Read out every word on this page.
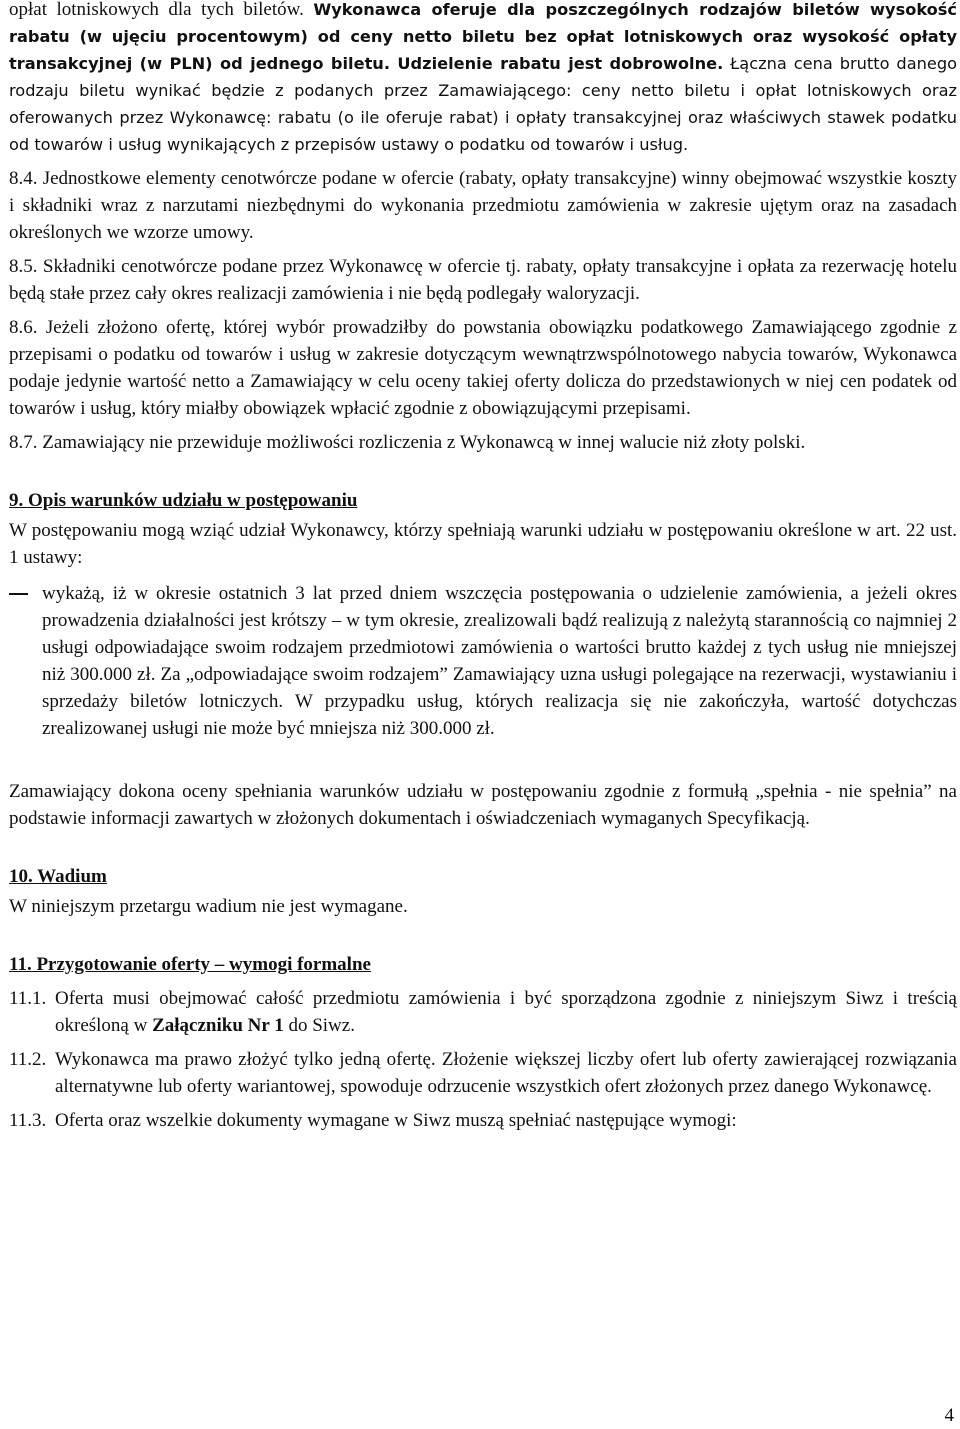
opłat lotniskowych dla tych biletów. Wykonawca oferuje dla poszczególnych rodzajów biletów wysokość rabatu (w ujęciu procentowym) od ceny netto biletu bez opłat lotniskowych oraz wysokość opłaty transakcyjnej (w PLN) od jednego biletu. Udzielenie rabatu jest dobrowolne. Łączna cena brutto danego rodzaju biletu wynikać będzie z podanych przez Zamawiającego: ceny netto biletu i opłat lotniskowych oraz oferowanych przez Wykonawcę: rabatu (o ile oferuje rabat) i opłaty transakcyjnej oraz właściwych stawek podatku od towarów i usług wynikających z przepisów ustawy o podatku od towarów i usług.

8.4. Jednostkowe elementy cenotwórcze podane w ofercie (rabaty, opłaty transakcyjne) winny obejmować wszystkie koszty i składniki wraz z narzutami niezbędnymi do wykonania przedmiotu zamówienia w zakresie ujętym oraz na zasadach określonych we wzorze umowy.

8.5. Składniki cenotwórcze podane przez Wykonawcę w ofercie tj. rabaty, opłaty transakcyjne i opłata za rezerwację hotelu będą stałe przez cały okres realizacji zamówienia i nie będą podlegały waloryzacji.

8.6. Jeżeli złożono ofertę, której wybór prowadziłby do powstania obowiązku podatkowego Zamawiającego zgodnie z przepisami o podatku od towarów i usług w zakresie dotyczącym wewnątrzwspólnotowego nabycia towarów, Wykonawca podaje jedynie wartość netto a Zamawiający w celu oceny takiej oferty dolicza do przedstawionych w niej cen podatek od towarów i usług, który miałby obowiązek wpłacić zgodnie z obowiązującymi przepisami.

8.7. Zamawiający nie przewiduje możliwości rozliczenia z Wykonawcą w innej walucie niż złoty polski.

9. Opis warunków udziału w postępowaniu

W postępowaniu mogą wziąć udział Wykonawcy, którzy spełniają warunki udziału w postępowaniu określone w art. 22 ust. 1 ustawy:

wykażą, iż w okresie ostatnich 3 lat przed dniem wszczęcia postępowania o udzielenie zamówienia, a jeżeli okres prowadzenia działalności jest krótszy – w tym okresie, zrealizowali bądź realizują z należytą starannością co najmniej 2 usługi odpowiadające swoim rodzajem przedmiotowi zamówienia o wartości brutto każdej z tych usług nie mniejszej niż 300.000 zł. Za „odpowiadające swoim rodzajem” Zamawiający uzna usługi polegające na rezerwacji, wystawianiu i sprzedaży biletów lotniczych. W przypadku usług, których realizacja się nie zakończyła, wartość dotychczas zrealizowanej usługi nie może być mniejsza niż 300.000 zł.

Zamawiający dokona oceny spełniania warunków udziału w postępowaniu zgodnie z formułą „spełnia - nie spełnia” na podstawie informacji zawartych w złożonych dokumentach i oświadczeniach wymaganych Specyfikacją.

10. Wadium

W niniejszym przetargu wadium nie jest wymagane.

11. Przygotowanie oferty – wymogi formalne

11.1. Oferta musi obejmować całość przedmiotu zamówienia i być sporządzona zgodnie z niniejszym Siwz i treścią określoną w Załączniku Nr 1 do Siwz.
11.2. Wykonawca ma prawo złożyć tylko jedną ofertę. Złożenie większej liczby ofert lub oferty zawierającej rozwiązania alternatywne lub oferty wariantowej, spowoduje odrzucenie wszystkich ofert złożonych przez danego Wykonawcę.
11.3. Oferta oraz wszelkie dokumenty wymagane w Siwz muszą spełniać następujące wymogi:
4
